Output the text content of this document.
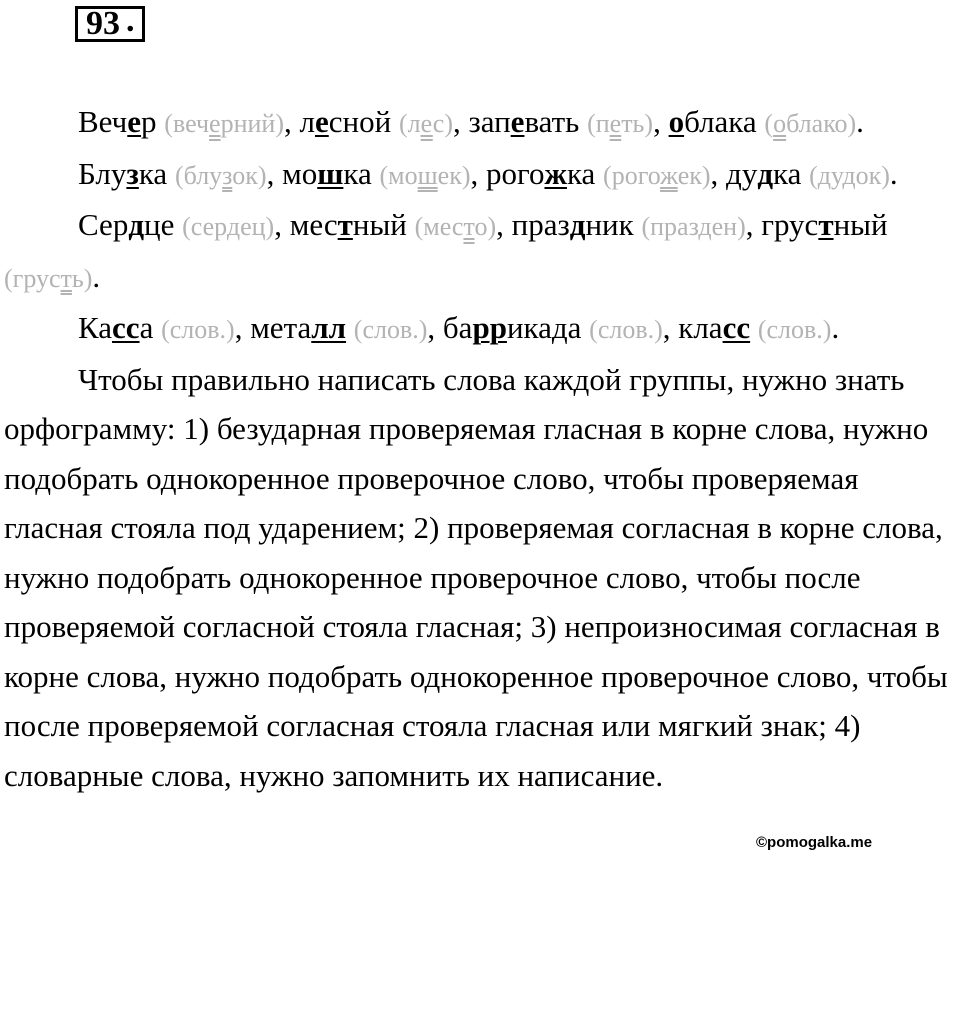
93 .

Вечер (вечерний), лесной (лес), запевать (петь), облака (облако).

Блузка (блузок), мошка (мошек), рогожка (рогожек), дудка (дудок).

Сердце (сердец), местный (место), праздник (празден), грустный (грусть).

Касса (слов.), металл (слов.), баррикада (слов.), класс (слов.).

Чтобы правильно написать слова каждой группы, нужно знать орфограмму: 1) безударная проверяемая гласная в корне слова, нужно подобрать однокоренное проверочное слово, чтобы проверяемая гласная стояла под ударением; 2) проверяемая согласная в корне слова, нужно подобрать однокоренное проверочное слово, чтобы после проверяемой согласной стояла гласная; 3) непроизносимая согласная в корне слова, нужно подобрать однокоренное проверочное слово, чтобы после проверяемой согласная стояла гласная или мягкий знак; 4) словарные слова, нужно запомнить их написание.

©pomogalka.me
